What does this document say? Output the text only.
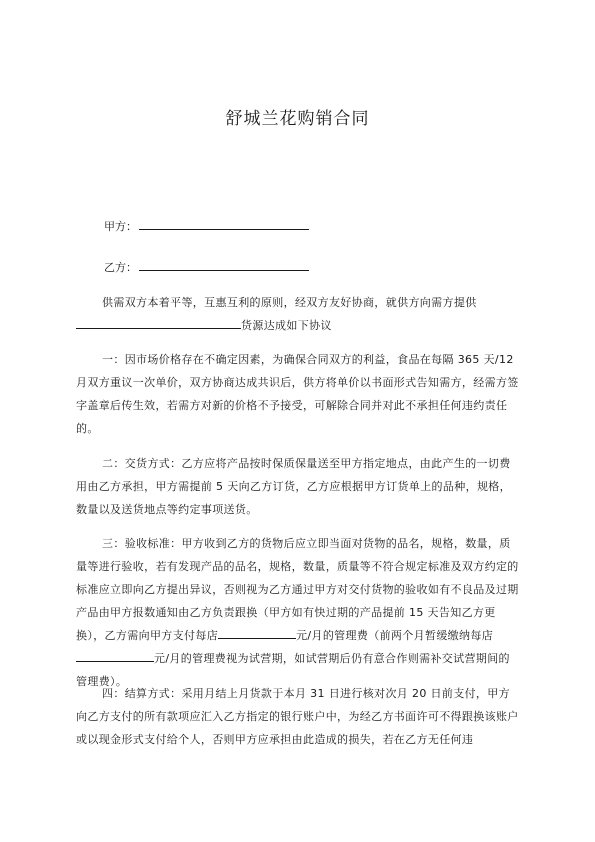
舒城兰花购销合同
甲方：
乙方：
供需双方本着平等，互惠互利的原则，经双方友好协商，就供方向需方提供
货源达成如下协议
一：因市场价格存在不确定因素，为确保合同双方的利益，食品在每隔 365 天/12 月双方重议一次单价，双方协商达成共识后，供方将单价以书面形式告知需方，经需方签字盖章后传生效，若需方对新的价格不予接受，可解除合同并对此不承担任何违约责任的。
二：交货方式：乙方应将产品按时保质保量送至甲方指定地点，由此产生的一切费用由乙方承担，甲方需提前 5 天向乙方订货，乙方应根据甲方订货单上的品种，规格，数量以及送货地点等约定事项送货。
三：验收标准：甲方收到乙方的货物后应立即当面对货物的品名，规格，数量，质量等进行验收，若有发现产品的品名，规格，数量，质量等不符合规定标准及双方约定的标准应立即向乙方提出异议，否则视为乙方通过甲方对交付货物的验收如有不良品及过期产品由甲方报数通知由乙方负责跟换（甲方如有快过期的产品提前 15 天告知乙方更换），乙方需向甲方支付每店	元/月的管理费（前两个月暂缓缴纳每店元/月的管理费视为试营期，如试营期后仍有意合作则需补交试营期间的管理费）。
四：结算方式：采用月结上月货款于本月 31 日进行核对次月 20 日前支付，甲方向乙方支付的所有款项应汇入乙方指定的银行账户中，为经乙方书面许可不得跟换该账户或以现金形式支付给个人，否则甲方应承担由此造成的损失，若在乙方无任何违
